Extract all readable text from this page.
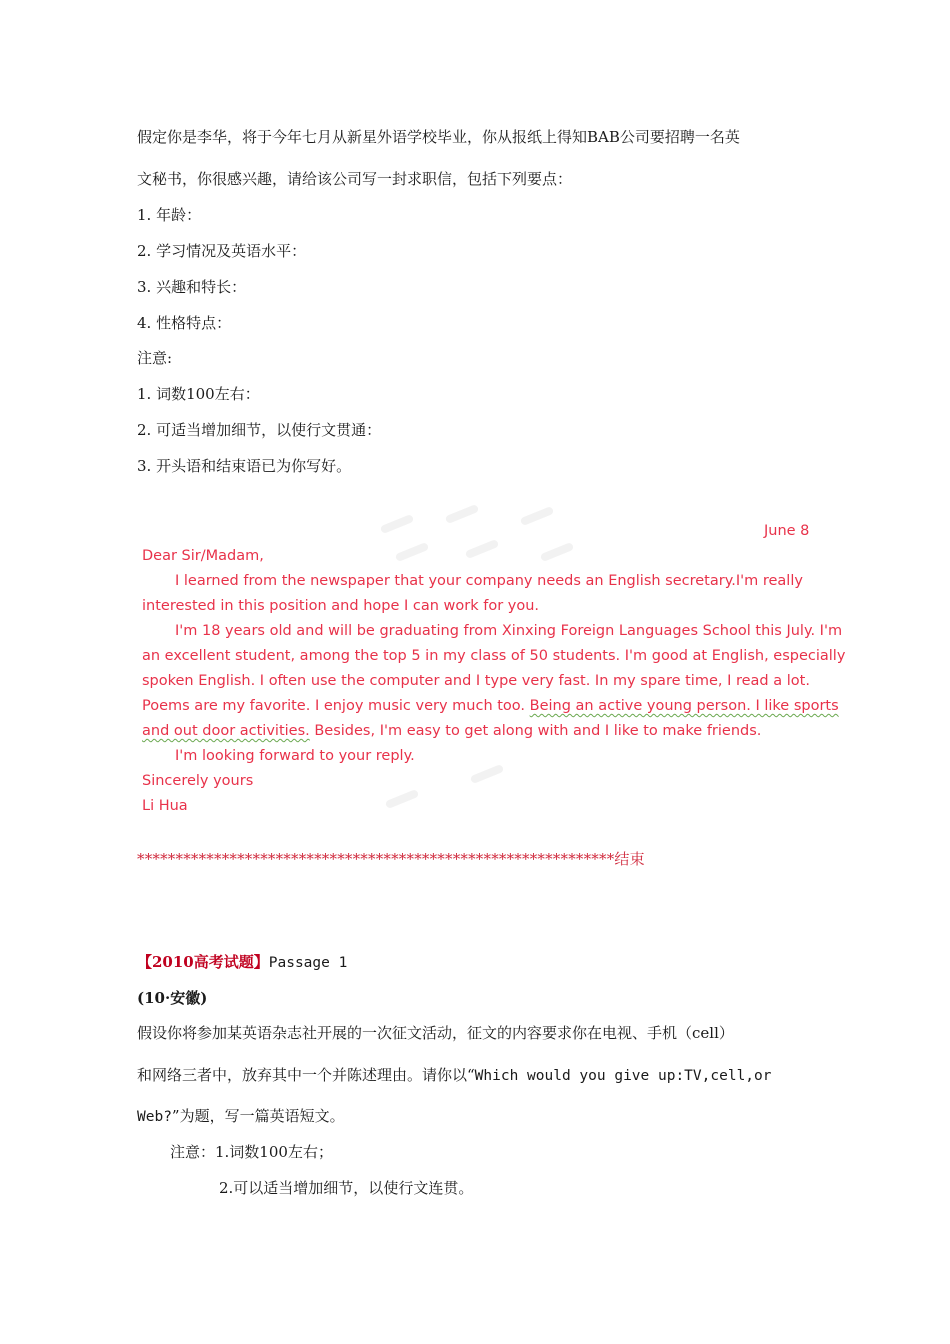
假定你是李华，将于今年七月从新星外语学校毕业，你从报纸上得知BAB公司要招聘一名英
文秘书，你很感兴趣，请给该公司写一封求职信，包括下列要点：
1. 年龄：
2. 学习情况及英语水平：
3. 兴趣和特长：
4. 性格特点：
注意:
1. 词数100左右：
2. 可适当增加细节，以使行文贯通：
3. 开头语和结束语已为你写好。
June 8
Dear Sir/Madam,
I learned from the newspaper that your company needs an English secretary.I'm really
interested in this position and hope I can work for you.
I'm 18 years old and will be graduating from Xinxing Foreign Languages School this July. I'm
an excellent student, among the top 5 in my class of 50 students. I'm good at English, especially
spoken English. I often use the computer and I type very fast. In my spare time, I read a lot.
Poems are my favorite. I enjoy music very much too. Being an active young person. I like sports
and out door activities. Besides, I'm easy to get along with and I like to make friends.
I'm looking forward to your reply.
Sincerely yours
Li Hua
**************************************************************结束
【2010高考试题】Passage 1
(10·安徽)
假设你将参加某英语杂志社开展的一次征文活动，征文的内容要求你在电视、手机（cell）
和网络三者中，放弃其中一个并陈述理由。请你以“Which would you give up:TV,cell,or
Web?”为题，写一篇英语短文。
注意：1.词数100左右；
2.可以适当增加细节，以使行文连贯。
